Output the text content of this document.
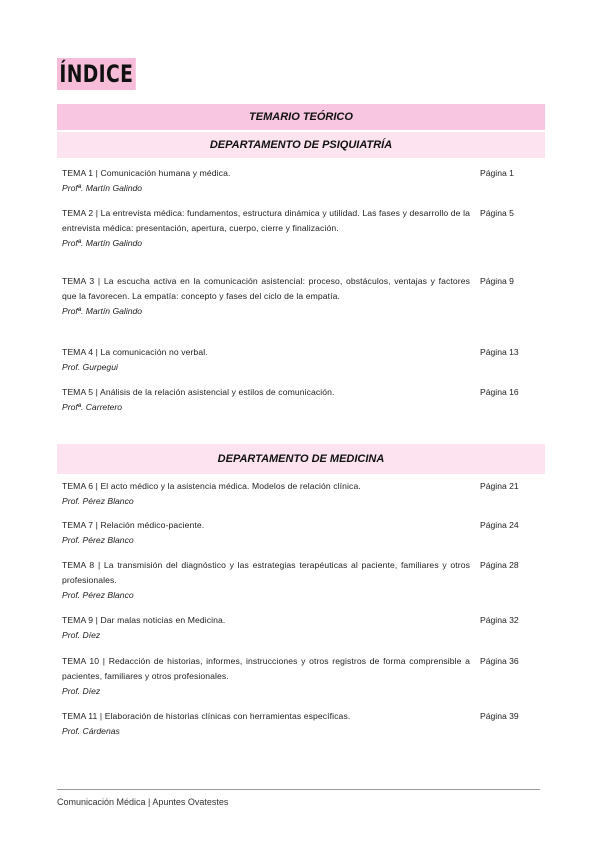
ÍNDICE
TEMARIO TEÓRICO
DEPARTAMENTO DE PSIQUIATRÍA
TEMA 1 | Comunicación humana y médica.
Profª. Martín Galindo
Página 1
TEMA 2 | La entrevista médica: fundamentos, estructura dinámica y utilidad. Las fases y desarrollo de la entrevista médica: presentación, apertura, cuerpo, cierre y finalización.
Profª. Martín Galindo
Página 5
TEMA 3 | La escucha activa en la comunicación asistencial: proceso, obstáculos, ventajas y factores que la favorecen. La empatía: concepto y fases del ciclo de la empatía.
Profª. Martín Galindo
Página 9
TEMA 4 | La comunicación no verbal.
Prof. Gurpegui
Página 13
TEMA 5 | Análisis de la relación asistencial y estilos de comunicación.
Profª. Carretero
Página 16
DEPARTAMENTO DE MEDICINA
TEMA 6 | El acto médico y la asistencia médica. Modelos de relación clínica.
Prof. Pérez Blanco
Página 21
TEMA 7 | Relación médico-paciente.
Prof. Pérez Blanco
Página 24
TEMA 8 | La transmisión del diagnóstico y las estrategias terapéuticas al paciente, familiares y otros profesionales.
Prof. Pérez Blanco
Página 28
TEMA 9 | Dar malas noticias en Medicina.
Prof. Díez
Página 32
TEMA 10 | Redacción de historias, informes, instrucciones y otros registros de forma comprensible a pacientes, familiares y otros profesionales.
Prof. Díez
Página 36
TEMA 11 | Elaboración de historias clínicas con herramientas específicas.
Prof. Cárdenas
Página 39
Comunicación Médica | Apuntes Ovatestes
